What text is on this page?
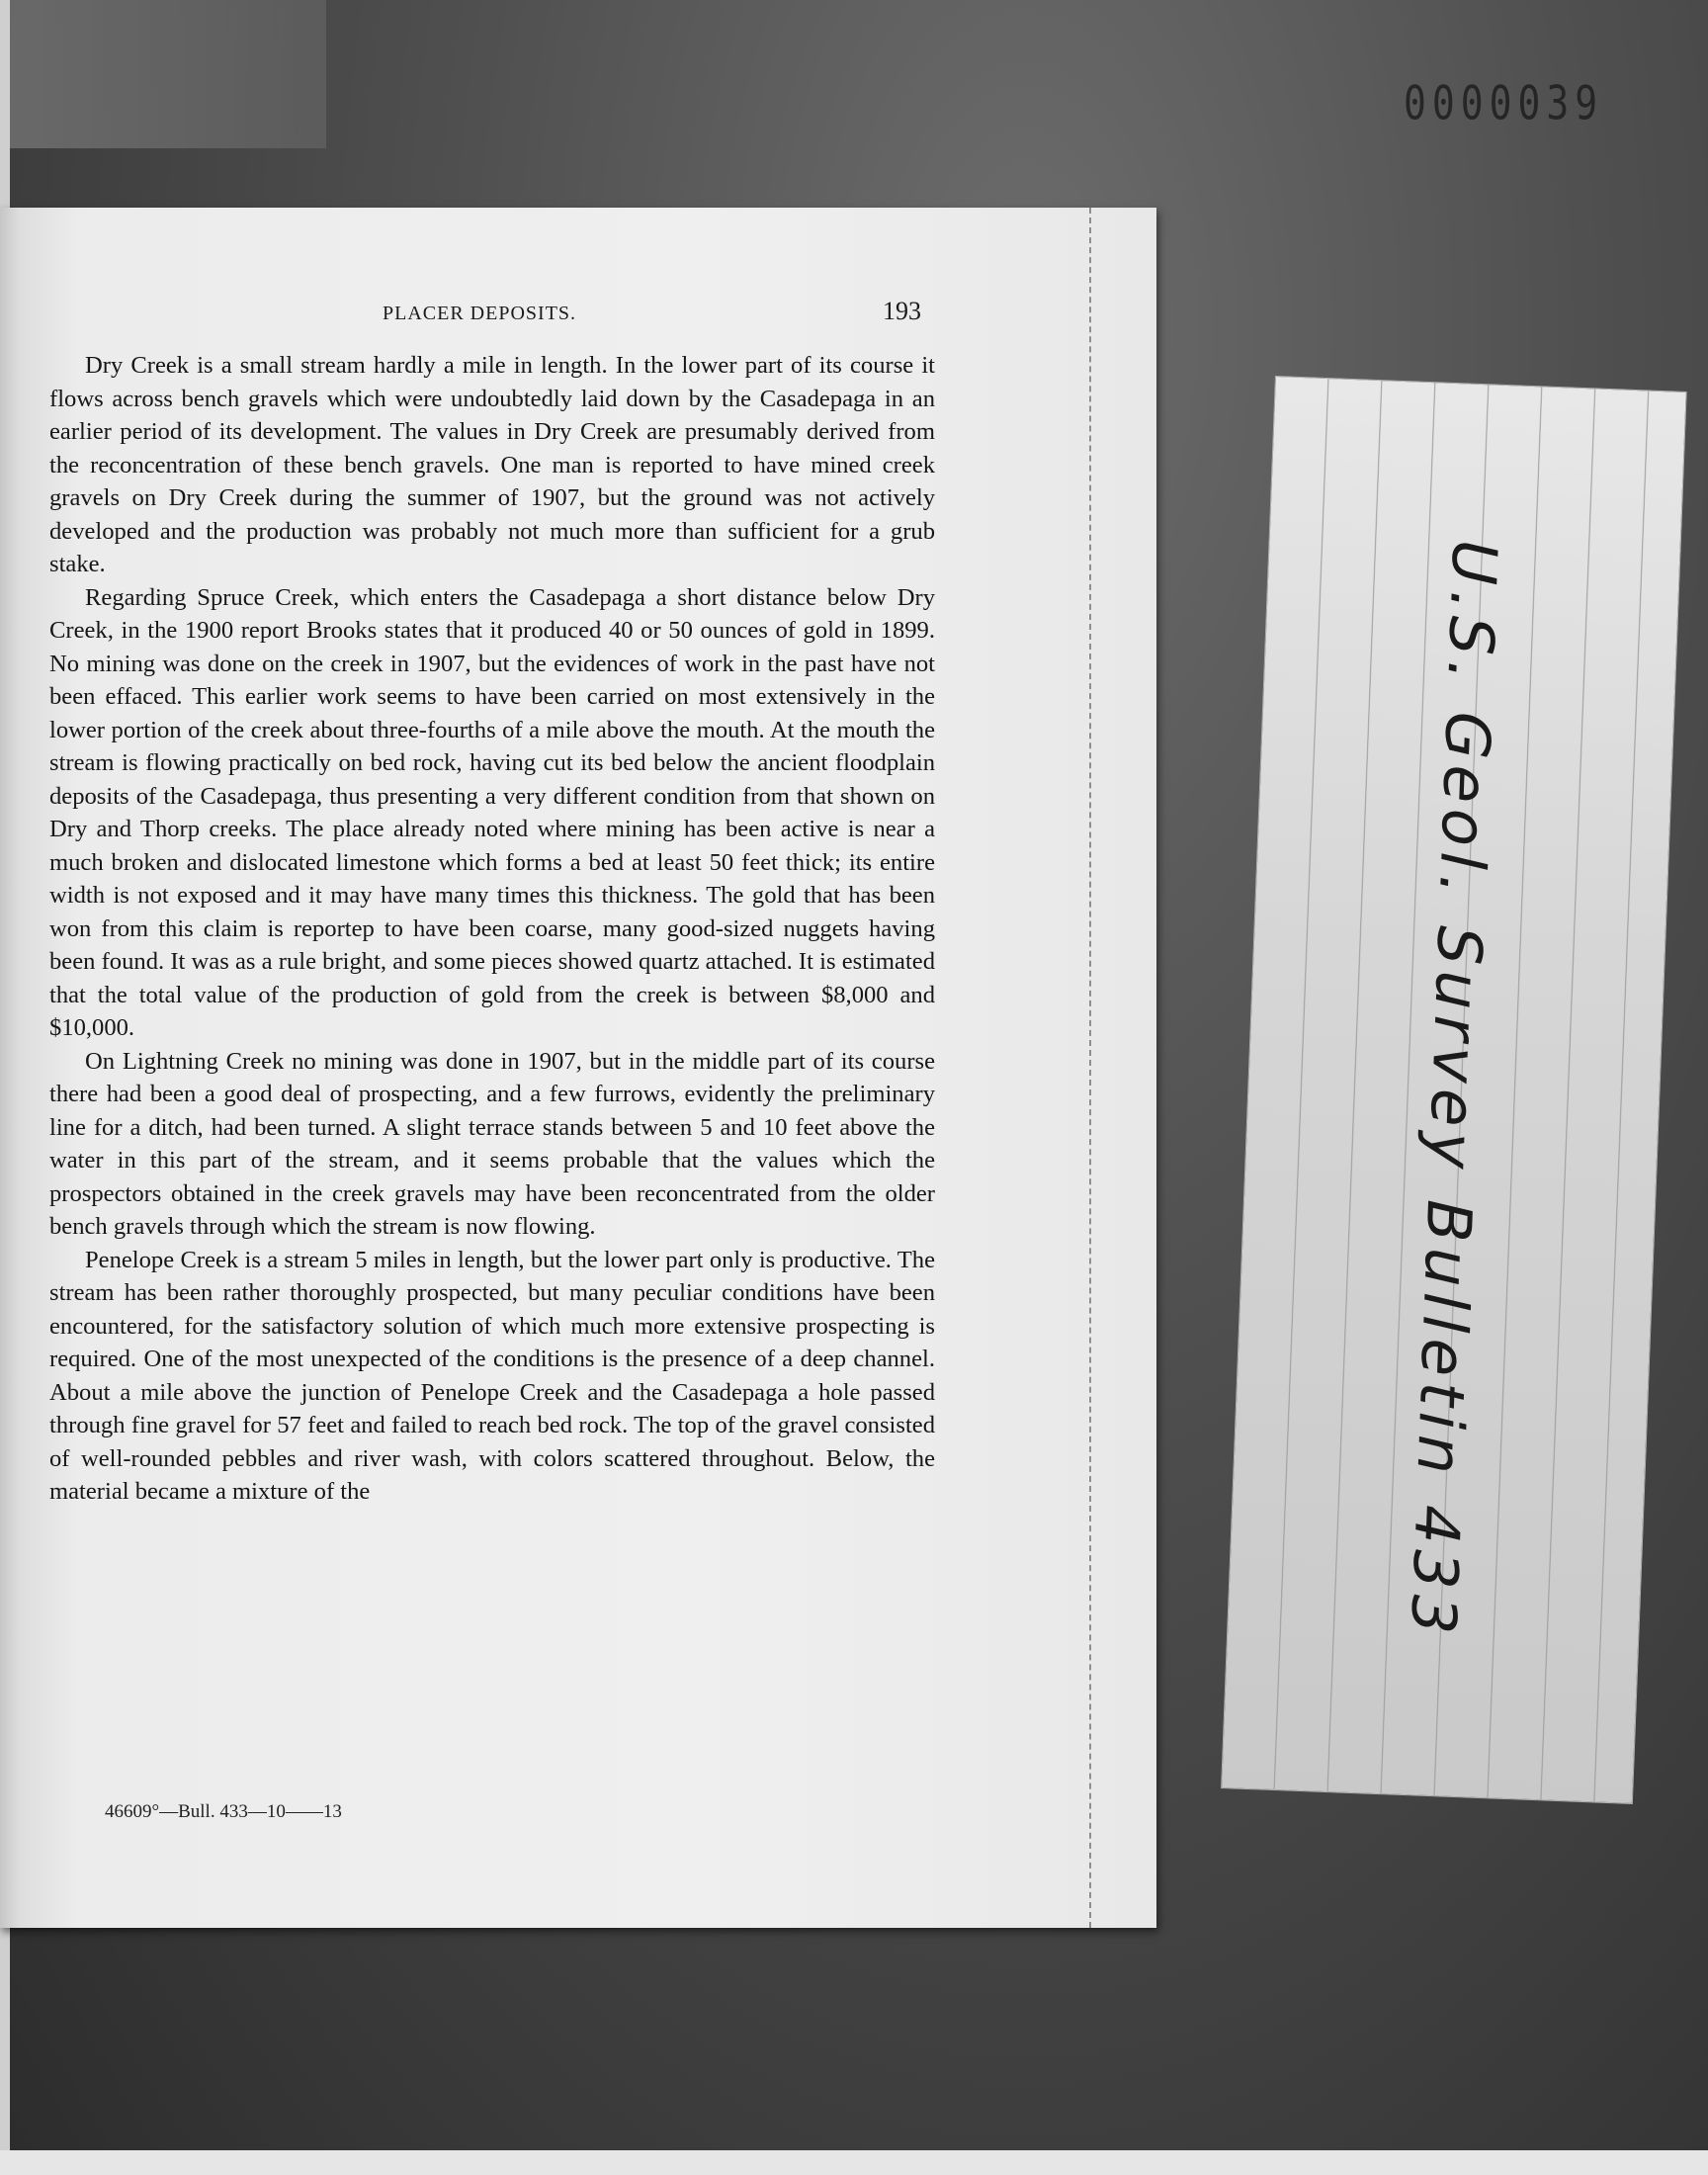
0000039
PLACER DEPOSITS.	193

Dry Creek is a small stream hardly a mile in length. In the lower part of its course it flows across bench gravels which were undoubtedly laid down by the Casadepaga in an earlier period of its development. The values in Dry Creek are presumably derived from the reconcentration of these bench gravels. One man is reported to have mined creek gravels on Dry Creek during the summer of 1907, but the ground was not actively developed and the production was probably not much more than sufficient for a grub stake.

Regarding Spruce Creek, which enters the Casadepaga a short distance below Dry Creek, in the 1900 report Brooks states that it produced 40 or 50 ounces of gold in 1899. No mining was done on the creek in 1907, but the evidences of work in the past have not been effaced. This earlier work seems to have been carried on most extensively in the lower portion of the creek about three-fourths of a mile above the mouth. At the mouth the stream is flowing practically on bed rock, having cut its bed below the ancient floodplain deposits of the Casadepaga, thus presenting a very different condition from that shown on Dry and Thorp creeks. The place already noted where mining has been active is near a much broken and dislocated limestone which forms a bed at least 50 feet thick; its entire width is not exposed and it may have many times this thickness. The gold that has been won from this claim is reportep to have been coarse, many good-sized nuggets having been found. It was as a rule bright, and some pieces showed quartz attached. It is estimated that the total value of the production of gold from the creek is between $8,000 and $10,000.

On Lightning Creek no mining was done in 1907, but in the middle part of its course there had been a good deal of prospecting, and a few furrows, evidently the preliminary line for a ditch, had been turned. A slight terrace stands between 5 and 10 feet above the water in this part of the stream, and it seems probable that the values which the prospectors obtained in the creek gravels may have been reconcentrated from the older bench gravels through which the stream is now flowing.

Penelope Creek is a stream 5 miles in length, but the lower part only is productive. The stream has been rather thoroughly prospected, but many peculiar conditions have been encountered, for the satisfactory solution of which much more extensive prospecting is required. One of the most unexpected of the conditions is the presence of a deep channel. About a mile above the junction of Penelope Creek and the Casadepaga a hole passed through fine gravel for 57 feet and failed to reach bed rock. The top of the gravel consisted of well-rounded pebbles and river wash, with colors scattered throughout. Below, the material became a mixture of the

46609°—Bull. 433—10——13
U.S. Geol. Survey Bulletin 433
